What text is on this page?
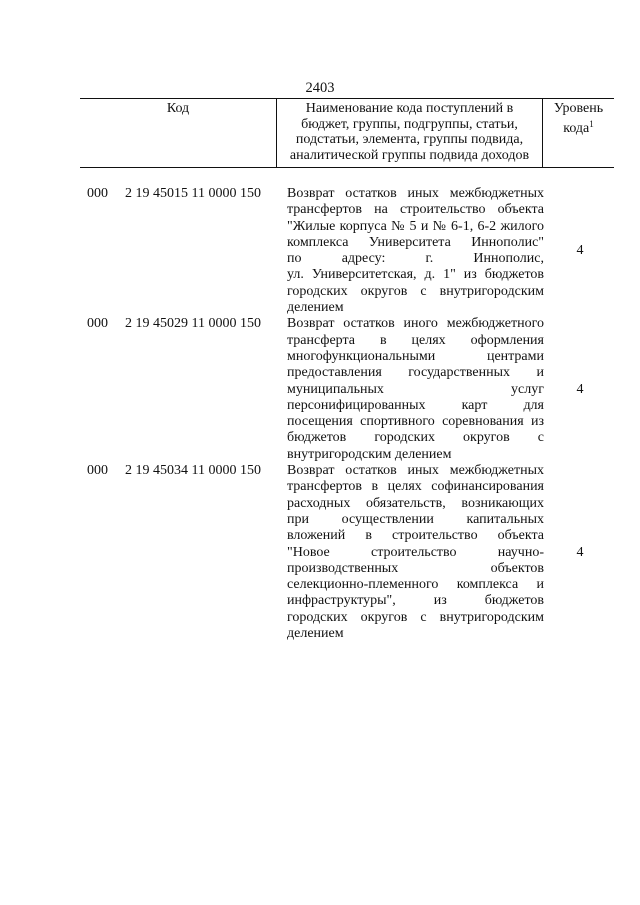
2403
Код	Наименование кода поступлений в
бюджет, группы, подгруппы, статьи,
подстатьи, элемента, группы подвида,
аналитической группы подвида доходов
Уровень
кода$^1$
000	2 19 45015 11 0000 150	Возврат остатков иных межбюджетных
трансфертов на строительство объекта
"Жилые корпуса № 5 и № 6-1, 6-2 жилого
комплекса Университета Иннополис"
по адресу: г. Иннополис,
ул. Университетская, д. 1" из бюджетов
городских округов с внутригородским
делением
4
000	2 19 45029 11 0000 150	Возврат остатков иного межбюджетного
трансферта в целях оформления
многофункциональными центрами
предоставления государственных и
муниципальных услуг
персонифицированных карт для
посещения спортивного соревнования из
бюджетов городских округов с
внутригородским делением
4
000	2 19 45034 11 0000 150	Возврат остатков иных межбюджетных
трансфертов в целях софинансирования
расходных обязательств, возникающих
при осуществлении капитальных
вложений в строительство объекта
"Новое строительство научно-
производственных объектов
селекционно-племенного комплекса и
инфраструктуры", из бюджетов
городских округов с внутригородским
делением
4
